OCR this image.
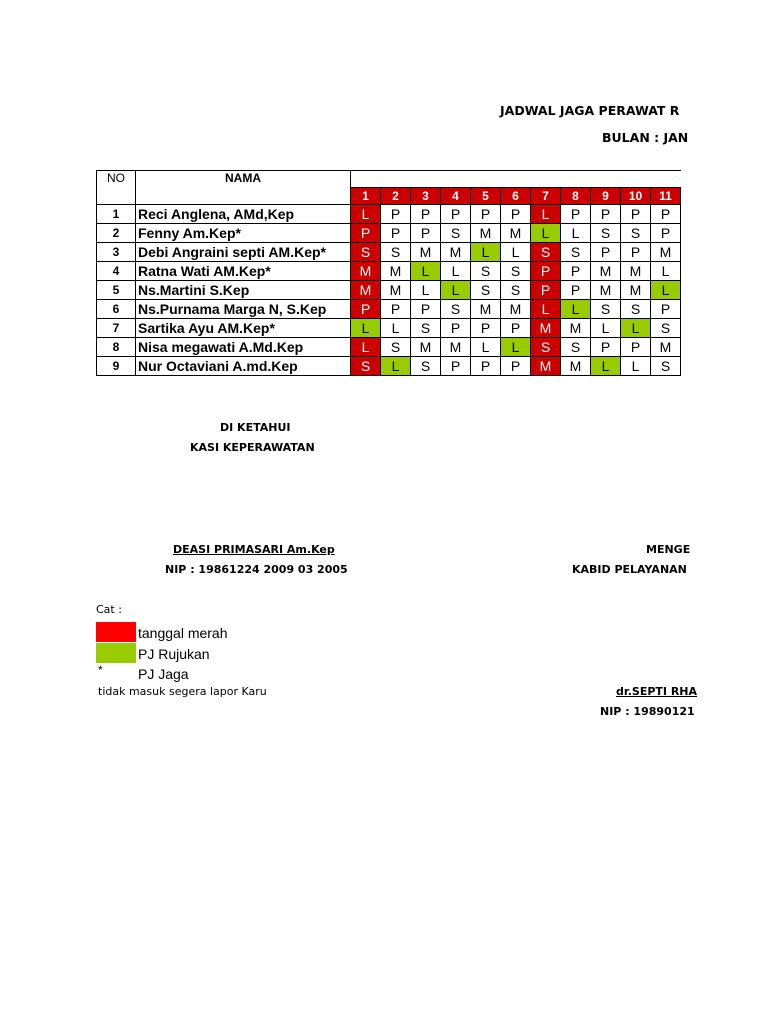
JADWAL JAGA PERAWAT R
BULAN : JAN
NO	NAMA											
		1	2	3	4	5	6	7	8	9	10	11
1	Reci Anglena, AMd,Kep	L	P	P	P	P	P	L	P	P	P	P
2	Fenny Am.Kep*	P	P	P	S	M	M	L	L	S	S	P
3	Debi Angraini septi AM.Kep*	S	S	M	M	L	L	S	S	P	P	M
4	Ratna Wati AM.Kep*	M	M	L	L	S	S	P	P	M	M	L
5	Ns.Martini S.Kep	M	M	L	L	S	S	P	P	M	M	L
6	Ns.Purnama Marga N, S.Kep	P	P	P	S	M	M	L	L	S	S	P
7	Sartika Ayu AM.Kep*	L	L	S	P	P	P	M	M	L	L	S
8	Nisa megawati A.Md.Kep	L	S	M	M	L	L	S	S	P	P	M
9	Nur Octaviani A.md.Kep	S	L	S	P	P	P	M	M	L	L	S
DI KETAHUI
KASI KEPERAWATAN
DEASI PRIMASARI Am.Kep
NIP : 19861224 2009 03 2005
MENGE
KABID PELAYANAN
dr.SEPTI RHA
NIP : 19890121
Cat :
tanggal merah
PJ Rujukan
*	PJ Jaga
tidak masuk segera lapor Karu
